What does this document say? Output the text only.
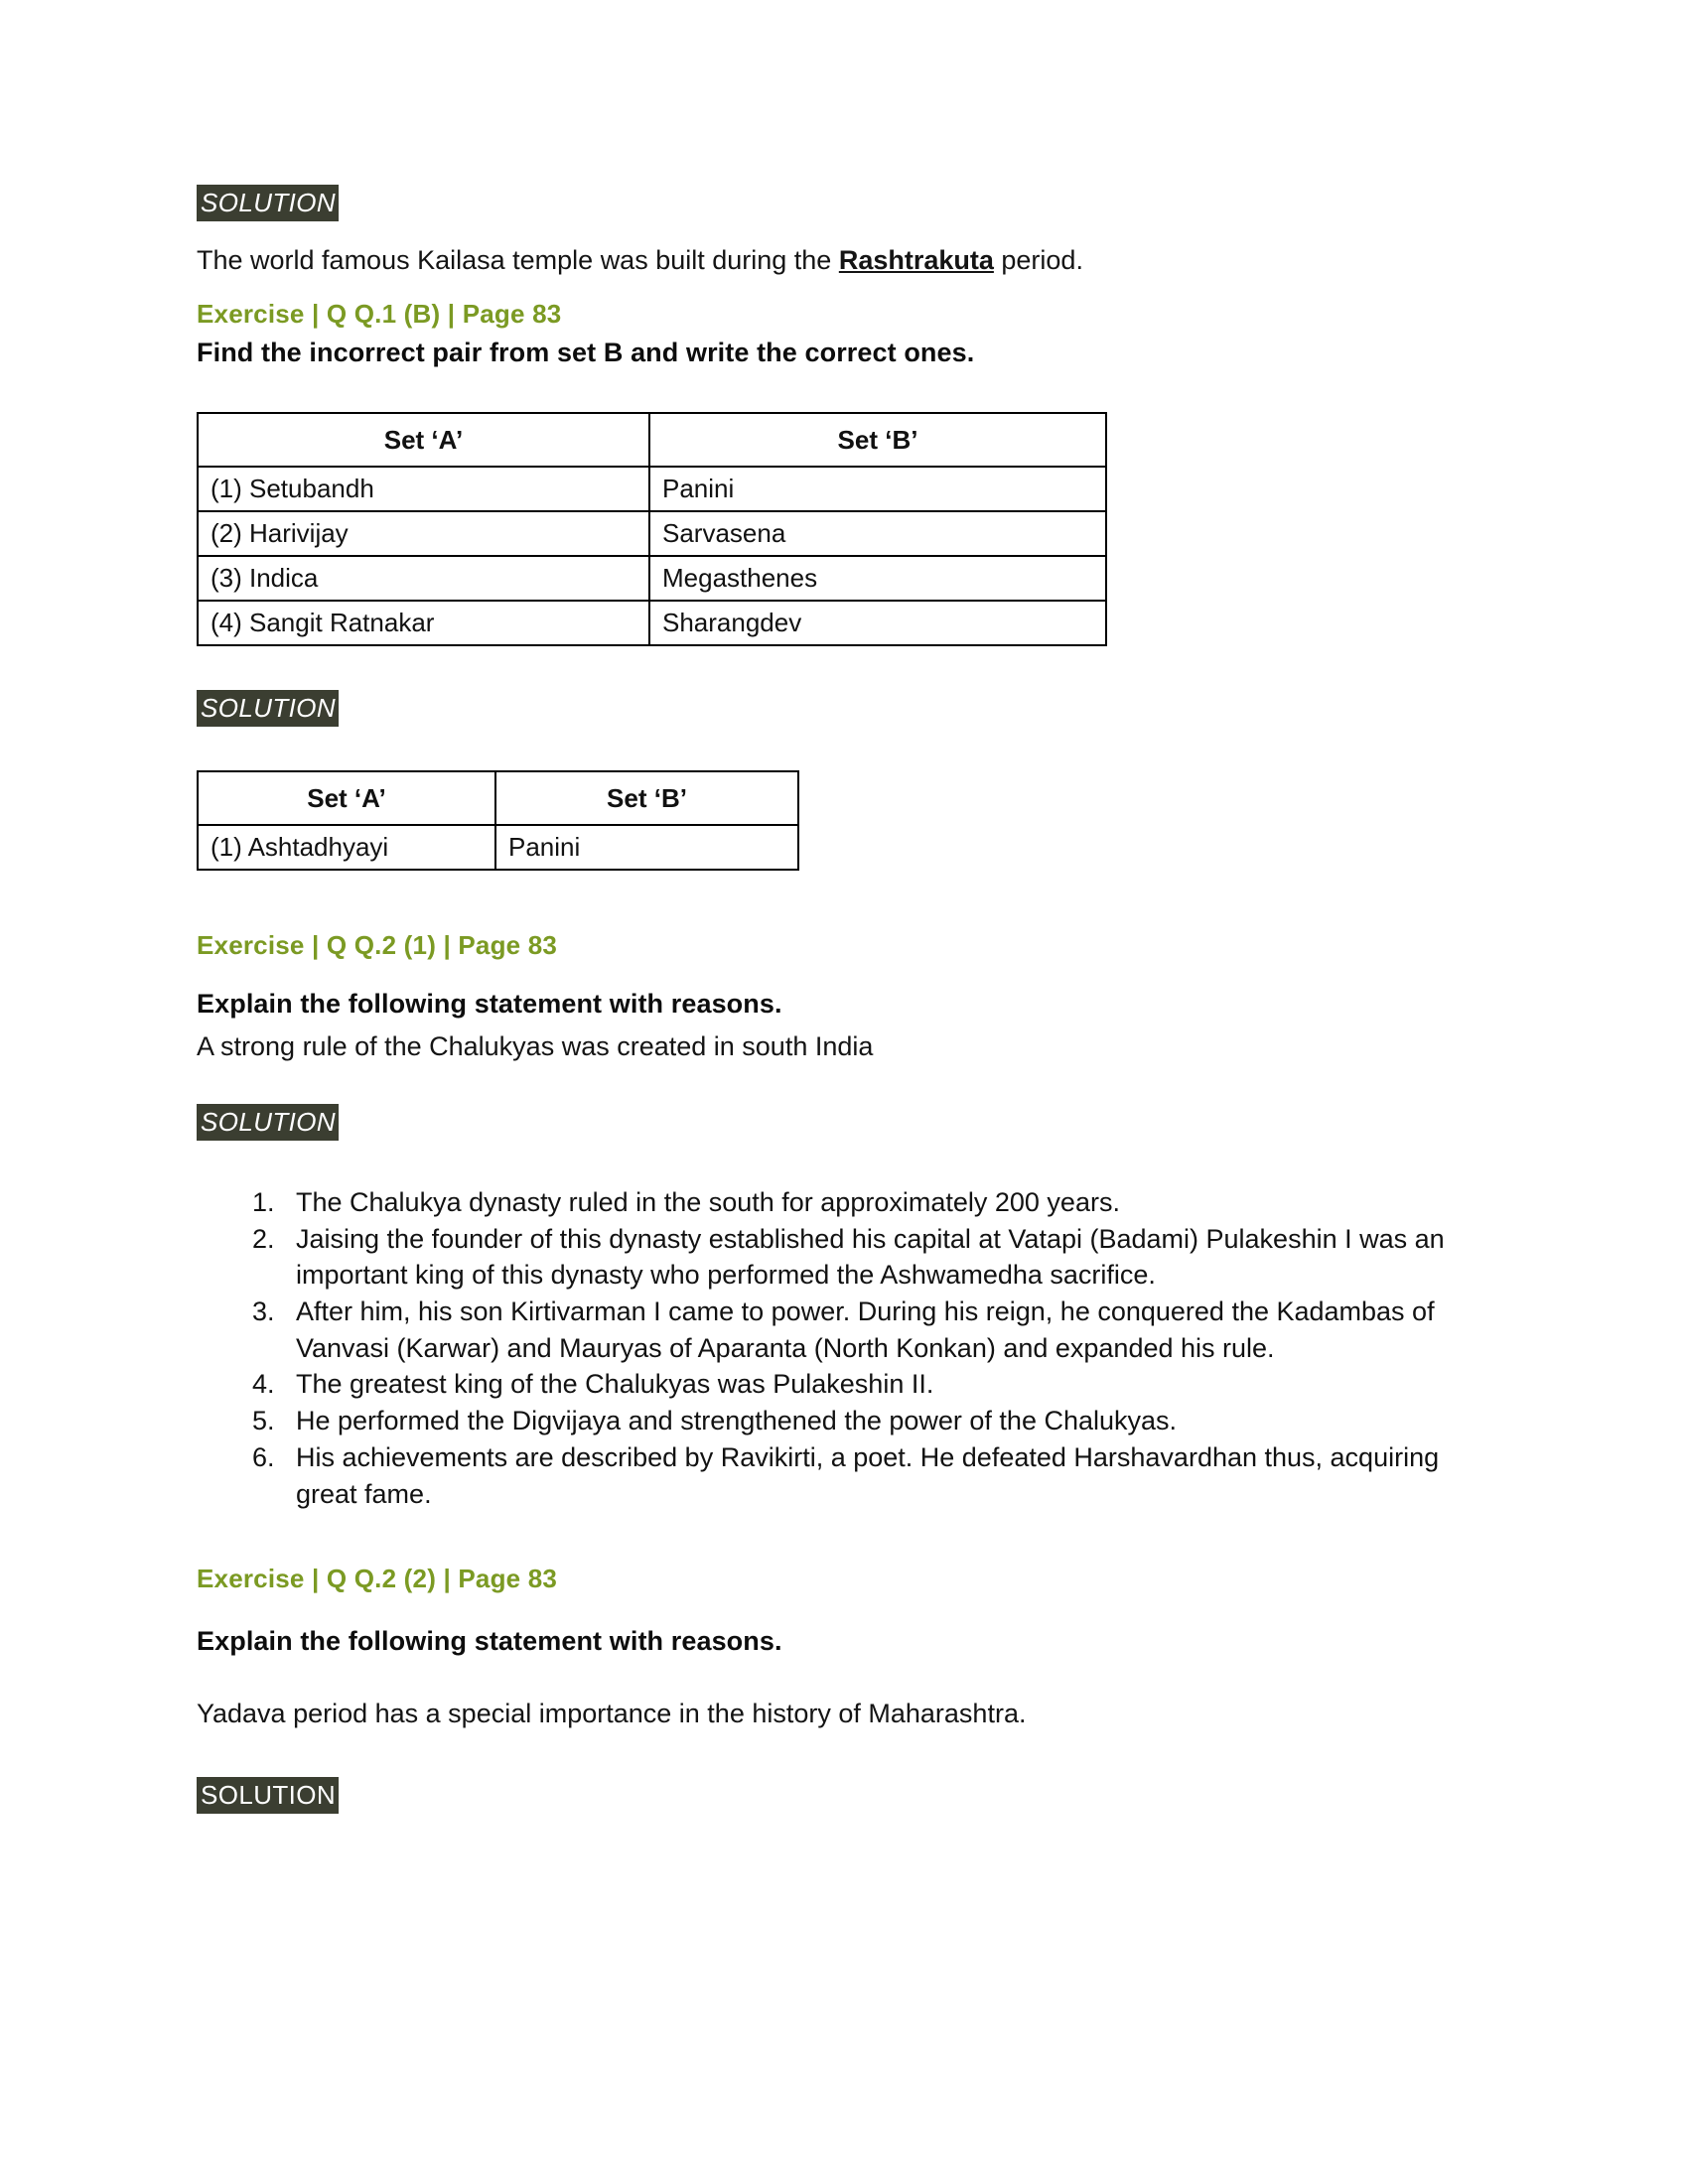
SOLUTION

The world famous Kailasa temple was built during the Rashtrakuta period.

Exercise | Q Q.1 (B) | Page 83

Find the incorrect pair from set B and write the correct ones.

Set ‘A’	Set ‘B’
(1) Setubandh	Panini
(2) Harivijay	Sarvasena
(3) Indica	Megasthenes
(4) Sangit Ratnakar	Sharangdev
SOLUTION
Set ‘A’	Set ‘B’
(1) Ashtadhyayi	Panini

Exercise | Q Q.2 (1) | Page 83

Explain the following statement with reasons.

A strong rule of the Chalukyas was created in south India

SOLUTION
1. The Chalukya dynasty ruled in the south for approximately 200 years.
2. Jaising the founder of this dynasty established his capital at Vatapi (Badami) Pulakeshin I was an important king of this dynasty who performed the Ashwamedha sacrifice.
3. After him, his son Kirtivarman I came to power. During his reign, he conquered the Kadambas of Vanvasi (Karwar) and Mauryas of Aparanta (North Konkan) and expanded his rule.
4. The greatest king of the Chalukyas was Pulakeshin II.
5. He performed the Digvijaya and strengthened the power of the Chalukyas.
6. His achievements are described by Ravikirti, a poet. He defeated Harshavardhan thus, acquiring great fame.

Exercise | Q Q.2 (2) | Page 83

Explain the following statement with reasons.

Yadava period has a special importance in the history of Maharashtra.

SOLUTION
